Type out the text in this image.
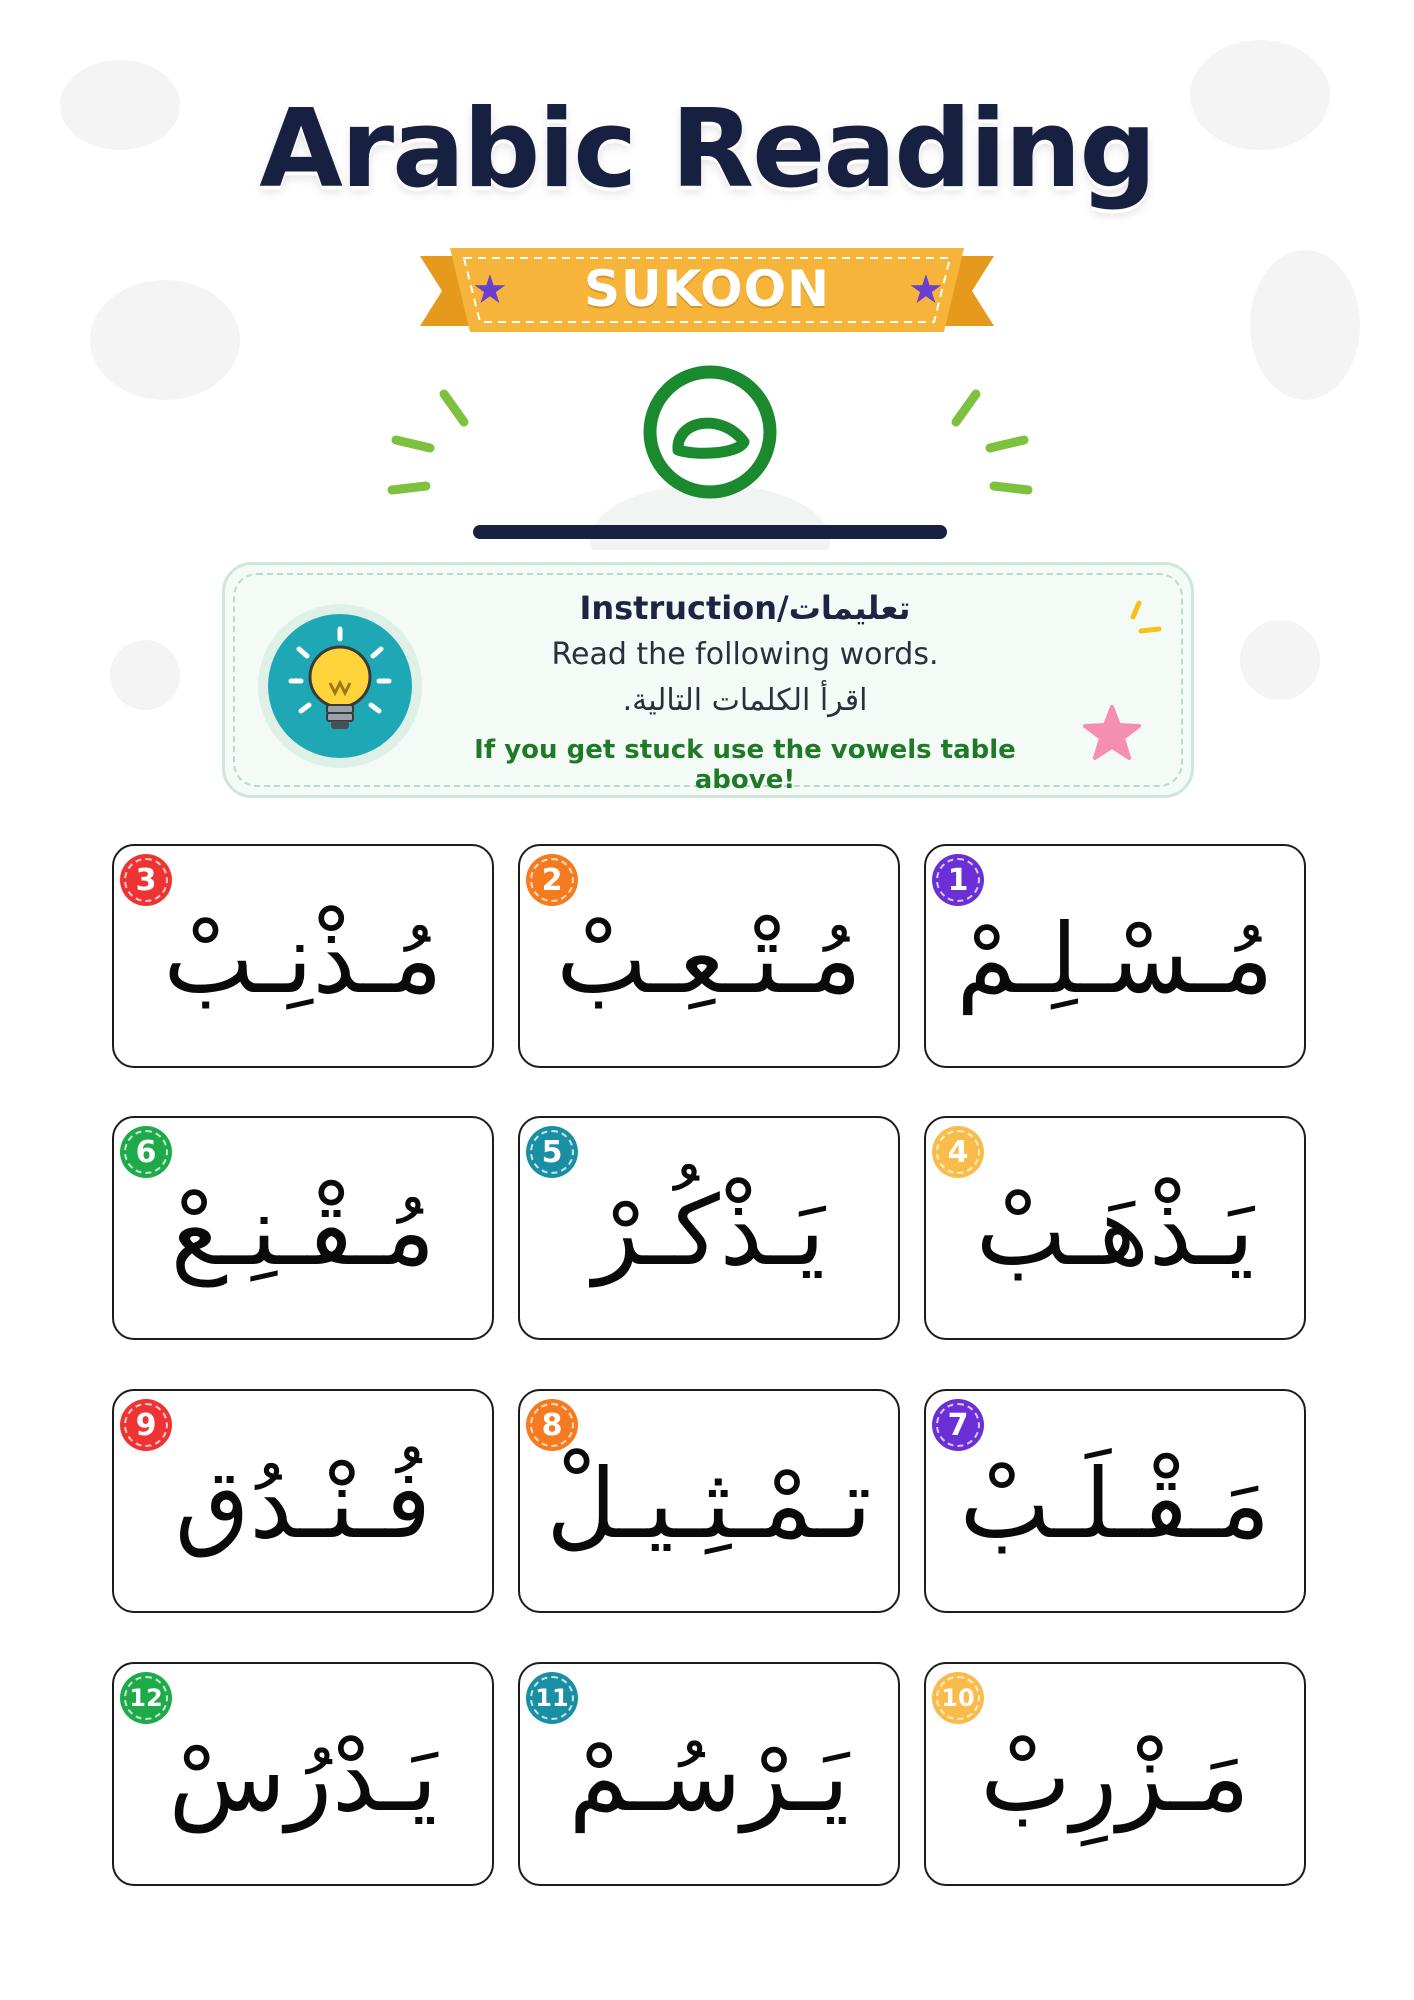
Arabic Reading
SUKOON
★	★
Instruction/تعليمات
Read the following words.
اقرأ الكلمات التالية.
If you get stuck use the vowels table above!
مُـسْـلِـمْ
1
مُـتْـعِـبْ
2
مُـذْنِـبْ
3
يَـذْهَـبْ
4
يَـذْكُـرْ
5
مُـقْـنِـعْ
6
مَـقْـلَـبْ
7
تـمْـثِـيـلْ
8
فُـنْـدُق
9
مَـزْرِبْ
10
يَـرْسُـمْ
11
يَـدْرُسْ
12
